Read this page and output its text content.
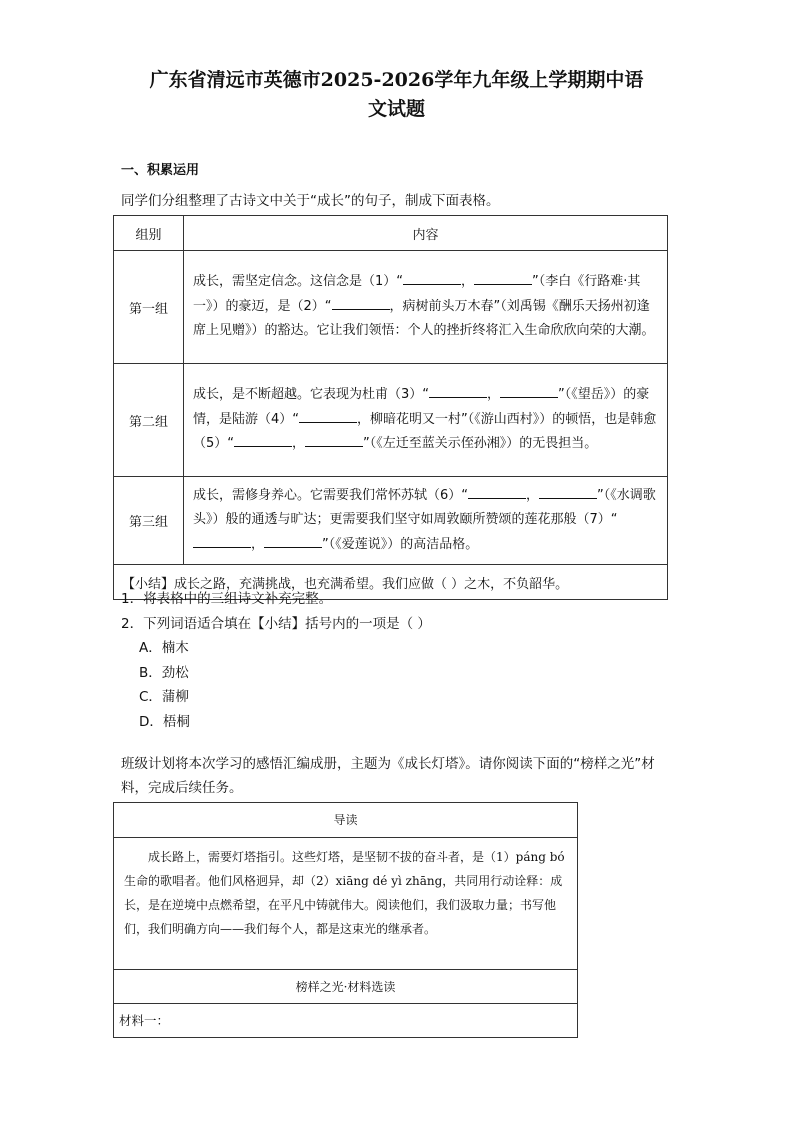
广东省清远市英德市2025-2026学年九年级上学期期中语
文试题
一、积累运用
同学们分组整理了古诗文中关于“成长”的句子，制成下面表格。
组别	内容
第一组	成长，需坚定信念。这信念是（1）“ ， ”（李白《行路难·其一》）的豪迈，是（2）“ ，病树前头万木春”（刘禹锡《酬乐天扬州初逢席上见赠》）的豁达。它让我们领悟：个人的挫折终将汇入生命欣欣向荣的大潮。
第二组	成长，是不断超越。它表现为杜甫（3）“ ， ”（《望岳》）的豪情，是陆游（4）“ ，柳暗花明又一村”（《游山西村》）的顿悟，也是韩愈（5）“ ， ”（《左迁至蓝关示侄孙湘》）的无畏担当。
第三组	成长，需修身养心。它需要我们常怀苏轼（6）“ ， ”（《水调歌头》）般的通透与旷达；更需要我们坚守如周敦颐所赞颂的莲花那般（7）“， ”（《爱莲说》）的高洁品格。
【小结】成长之路，充满挑战，也充满希望。我们应做（ ）之木，不负韶华。	
1．将表格中的三组诗文补充完整。
2．下列词语适合填在【小结】括号内的一项是（ ）
A．楠木
B．劲松
C．蒲柳
D．梧桐
班级计划将本次学习的感悟汇编成册，主题为《成长灯塔》。请你阅读下面的“榜样之光”材料，完成后续任务。
导读
成长路上，需要灯塔指引。这些灯塔，是坚韧不拔的奋斗者，是（1）páng bó生命的歌唱者。他们风格迥异，却（2）xiāng dé yì zhāng，共同用行动诠释：成长，是在逆境中点燃希望，在平凡中铸就伟大。阅读他们，我们汲取力量；书写他们，我们明确方向——我们每个人，都是这束光的继承者。
榜样之光·材料选读
材料一：
